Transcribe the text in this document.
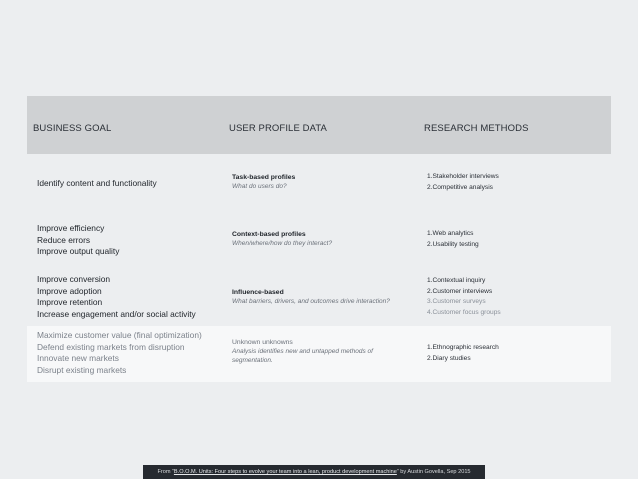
BUSINESS GOAL	USER PROFILE DATA	RESEARCH METHODS
Identify content and functionality
Task-based profiles
What do users do?
1.Stakeholder interviews
2.Competitive analysis
Improve efficiency
Reduce errors
Improve output quality
Context-based profiles
When/where/how do they interact?
1.Web analytics
2.Usability testing
Improve conversion
Improve adoption
Improve retention
Increase engagement and/or social activity
Influence-based
What barriers, drivers, and outcomes drive interaction?
1.Contextual inquiry
2.Customer interviews
3.Customer surveys
4.Customer focus groups
Maximize customer value (final optimization)
Defend existing markets from disruption
Innovate new markets
Disrupt existing markets
Unknown unknowns
Analysis identifies new and untapped methods of
segmentation.
1.Ethnographic research
2.Diary studies
From “B.O.O.M. Units: Four steps to evolve your team into a lean, product development machine” by Austin Govella, Sep 2015
